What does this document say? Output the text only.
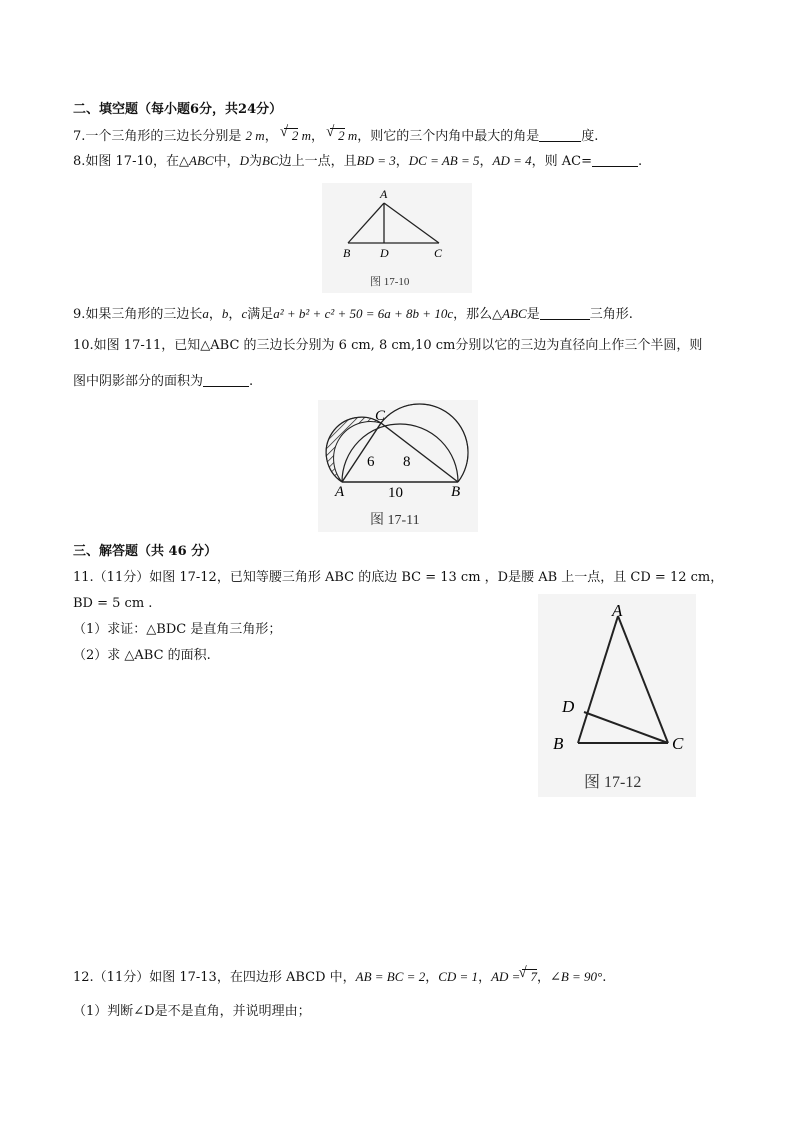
二、填空题（每小题6分，共24分）
7.一个三角形的三边长分别是 2 m， √ 2 m， √ 2 m，则它的三个内角中最大的角是	度.
8.如图 17-10，在△ABC中，D为BC边上一点，且BD = 3，DC = AB = 5，AD = 4，则 AC=	.
A
B D	C
图 17-10
9.如果三角形的三边长a，b，c满足a² + b² + c² + 50 = 6a + 8b + 10c，那么△ABC是	三角形.
10.如图 17-11，已知△ABC 的三边长分别为 6 cm, 8 cm,10 cm分别以它的三边为直径向上作三个半圆，则
图中阴影部分的面积为	.
C
A	B
6 8
10
图 17-11
三、解答题（共 46 分）
11.（11分）如图 17-12，已知等腰三角形 ABC 的底边 BC = 13 cm ，D是腰 AB 上一点，且 CD = 12 cm，
BD = 5 cm .
（1）求证：△BDC 是直角三角形；
（2）求 △ABC 的面积.
A
D
B	C
图 17-12
12.（11分）如图 17-13，在四边形 ABCD 中，AB = BC = 2，CD = 1，AD = √ 7，∠B = 90°.
（1）判断∠D是不是直角，并说明理由；
